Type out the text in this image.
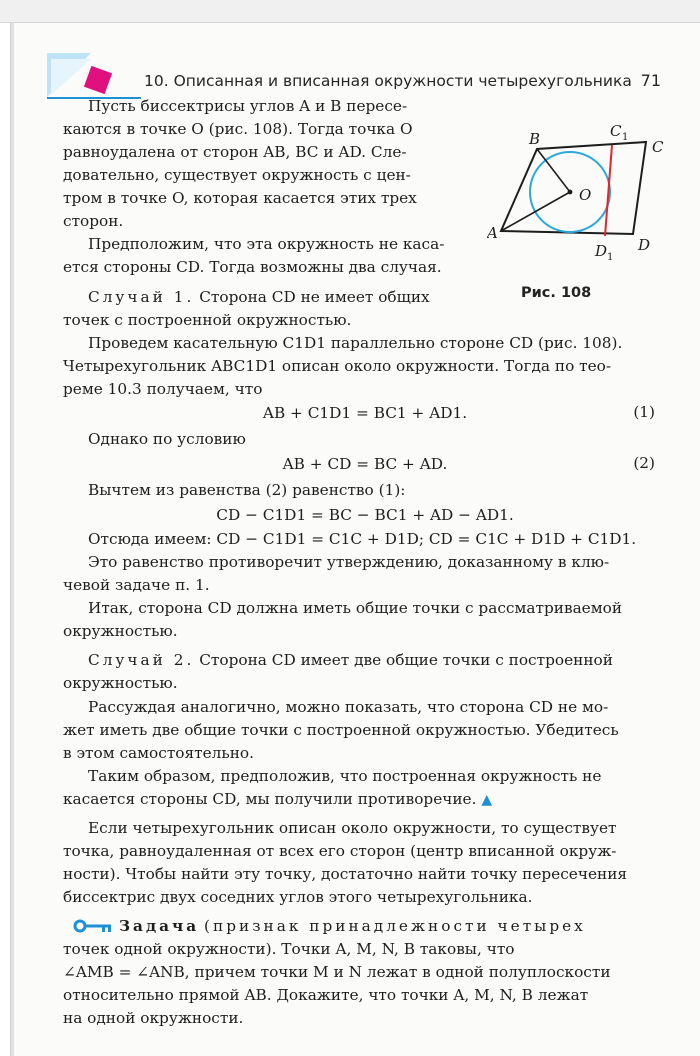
10. Описанная и вписанная окружности четырехугольника 71
A
B	C
C 1
D
D 1
O
Рис. 108
Пусть биссектрисы углов A и B пересе-
каются в точке O (рис. 108). Тогда точка O
равноудалена от сторон AB, BC и AD. Сле-
довательно, существует окружность с цен-
тром в точке O, которая касается этих трех
сторон.
Предположим, что эта окружность не каса-
ется стороны CD. Тогда возможны два случая.
Случай 1. Сторона CD не имеет общих
точек с построенной окружностью.
Проведем касательную C1D1 параллельно стороне CD (рис. 108).
Четырехугольник ABC1D1 описан около окружности. Тогда по тео-
реме 10.3 получаем, что
AB + C1D1 = BC1 + AD1.	(1)
Однако по условию
AB + CD = BC + AD.	(2)
Вычтем из равенства (2) равенство (1):
CD − C1D1 = BC − BC1 + AD − AD1.
Отсюда имеем: CD − C1D1 = C1C + D1D; CD = C1C + D1D + C1D1.
Это равенство противоречит утверждению, доказанному в клю-
чевой задаче п. 1.
Итак, сторона CD должна иметь общие точки с рассматриваемой
окружностью.
Случай 2. Сторона CD имеет две общие точки с построенной
окружностью.
Рассуждая аналогично, можно показать, что сторона CD не мо-
жет иметь две общие точки с построенной окружностью. Убедитесь
в этом самостоятельно.
Таким образом, предположив, что построенная окружность не
касается стороны CD, мы получили противоречие. ▲
Если четырехугольник описан около окружности, то существует
точка, равноудаленная от всех его сторон (центр вписанной окруж-
ности). Чтобы найти эту точку, достаточно найти точку пересечения
биссектрис двух соседних углов этого четырехугольника.
Задача (признак принадлежности четырех
точек одной окружности). Точки A, M, N, B таковы, что
∠AMB = ∠ANB, причем точки M и N лежат в одной полуплоскости
относительно прямой AB. Докажите, что точки A, M, N, B лежат
на одной окружности.
